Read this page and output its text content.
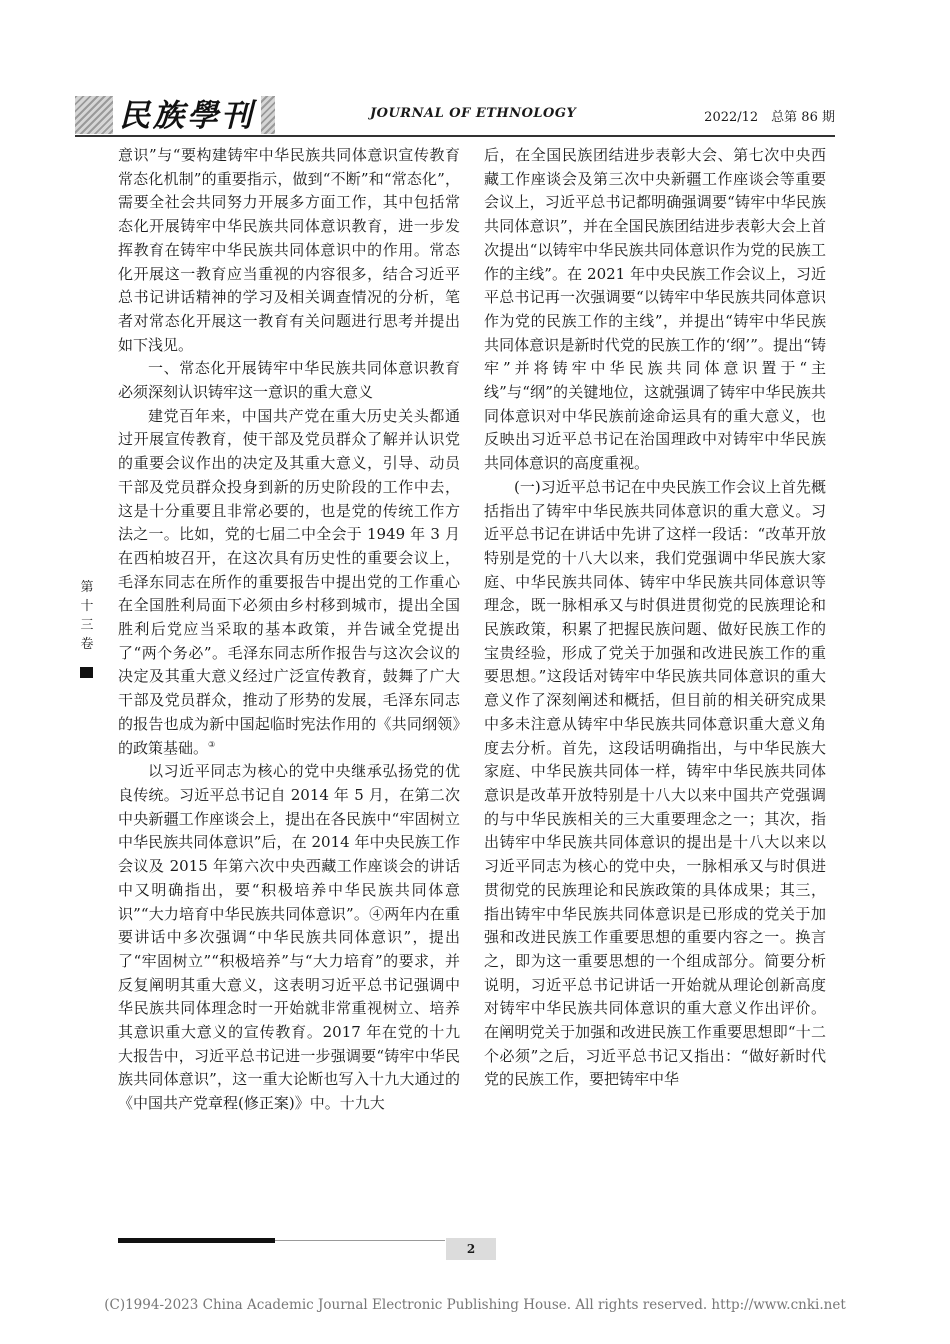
民族學刊	JOURNAL OF ETHNOLOGY	2022/12　总第 86 期

意识”与“要构建铸牢中华民族共同体意识宣传教育常态化机制”的重要指示，做到“不断”和“常态化”，需要全社会共同努力开展多方面工作，其中包括常态化开展铸牢中华民族共同体意识教育，进一步发挥教育在铸牢中华民族共同体意识中的作用。常态化开展这一教育应当重视的内容很多，结合习近平总书记讲话精神的学习及相关调查情况的分析，笔者对常态化开展这一教育有关问题进行思考并提出如下浅见。

一、常态化开展铸牢中华民族共同体意识教育必须深刻认识铸牢这一意识的重大意义

建党百年来，中国共产党在重大历史关头都通过开展宣传教育，使干部及党员群众了解并认识党的重要会议作出的决定及其重大意义，引导、动员干部及党员群众投身到新的历史阶段的工作中去，这是十分重要且非常必要的，也是党的传统工作方法之一。比如，党的七届二中全会于 1949 年 3 月在西柏坡召开，在这次具有历史性的重要会议上，毛泽东同志在所作的重要报告中提出党的工作重心在全国胜利局面下必须由乡村移到城市，提出全国胜利后党应当采取的基本政策，并告诫全党提出了“两个务必”。毛泽东同志所作报告与这次会议的决定及其重大意义经过广泛宣传教育，鼓舞了广大干部及党员群众，推动了形势的发展，毛泽东同志的报告也成为新中国起临时宪法作用的《共同纲领》的政策基础。③

以习近平同志为核心的党中央继承弘扬党的优良传统。习近平总书记自 2014 年 5 月，在第二次中央新疆工作座谈会上，提出在各民族中“牢固树立中华民族共同体意识”后，在 2014 年中央民族工作会议及 2015 年第六次中央西藏工作座谈会的讲话中又明确指出，要“积极培养中华民族共同体意识”“大力培育中华民族共同体意识”。④两年内在重要讲话中多次强调“中华民族共同体意识”，提出了“牢固树立”“积极培养”与“大力培育”的要求，并反复阐明其重大意义，这表明习近平总书记强调中华民族共同体理念时一开始就非常重视树立、培养其意识重大意义的宣传教育。2017 年在党的十九大报告中，习近平总书记进一步强调要“铸牢中华民族共同体意识”，这一重大论断也写入十九大通过的《中国共产党章程(修正案)》中。十九大

后，在全国民族团结进步表彰大会、第七次中央西藏工作座谈会及第三次中央新疆工作座谈会等重要会议上，习近平总书记都明确强调要“铸牢中华民族共同体意识”，并在全国民族团结进步表彰大会上首次提出“以铸牢中华民族共同体意识作为党的民族工作的主线”。在 2021 年中央民族工作会议上，习近平总书记再一次强调要“以铸牢中华民族共同体意识作为党的民族工作的主线”，并提出“铸牢中华民族共同体意识是新时代党的民族工作的‘纲’”。提出“铸牢”并将铸牢中华民族共同体意识置于“主线”与“纲”的关键地位，这就强调了铸牢中华民族共同体意识对中华民族前途命运具有的重大意义，也反映出习近平总书记在治国理政中对铸牢中华民族共同体意识的高度重视。

(一)习近平总书记在中央民族工作会议上首先概括指出了铸牢中华民族共同体意识的重大意义。习近平总书记在讲话中先讲了这样一段话：“改革开放特别是党的十八大以来，我们党强调中华民族大家庭、中华民族共同体、铸牢中华民族共同体意识等理念，既一脉相承又与时俱进贯彻党的民族理论和民族政策，积累了把握民族问题、做好民族工作的宝贵经验，形成了党关于加强和改进民族工作的重要思想。”这段话对铸牢中华民族共同体意识的重大意义作了深刻阐述和概括，但目前的相关研究成果中多未注意从铸牢中华民族共同体意识重大意义角度去分析。首先，这段话明确指出，与中华民族大家庭、中华民族共同体一样，铸牢中华民族共同体意识是改革开放特别是十八大以来中国共产党强调的与中华民族相关的三大重要理念之一；其次，指出铸牢中华民族共同体意识的提出是十八大以来以习近平同志为核心的党中央，一脉相承又与时俱进贯彻党的民族理论和民族政策的具体成果；其三，指出铸牢中华民族共同体意识是已形成的党关于加强和改进民族工作重要思想的重要内容之一。换言之，即为这一重要思想的一个组成部分。简要分析说明，习近平总书记讲话一开始就从理论创新高度对铸牢中华民族共同体意识的重大意义作出评价。在阐明党关于加强和改进民族工作重要思想即“十二个必须”之后，习近平总书记又指出：“做好新时代党的民族工作，要把铸牢中华

第
十
三
卷
2
(C)1994-2023 China Academic Journal Electronic Publishing House. All rights reserved. http://www.cnki.net
